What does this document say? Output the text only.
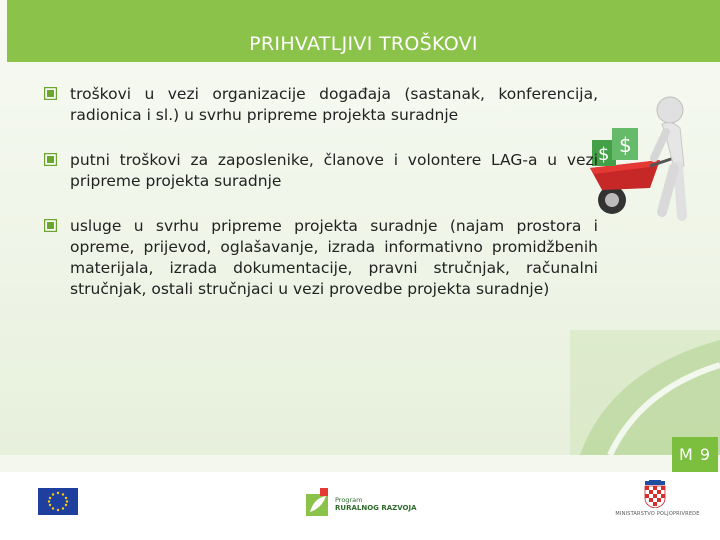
PRIHVATLJIVI TROŠKOVI
$ $
troškovi u vezi organizacije događaja (sastanak, konferencija, radionica i sl.) u svrhu pripreme projekta suradnje
putni troškovi za zaposlenike, članove i volontere LAG-a u vezi pripreme projekta suradnje
usluge u svrhu pripreme projekta suradnje (najam prostora i opreme, prijevod, oglašavanje, izrada informativno promidžbenih materijala, izrada dokumentacije, pravni stručnjak, računalni stručnjak, ostali stručnjaci u vezi provedbe projekta suradnje)
M 9
Program
RURALNOG RAZVOJA
MINISTARSTVO POLJOPRIVREDE
